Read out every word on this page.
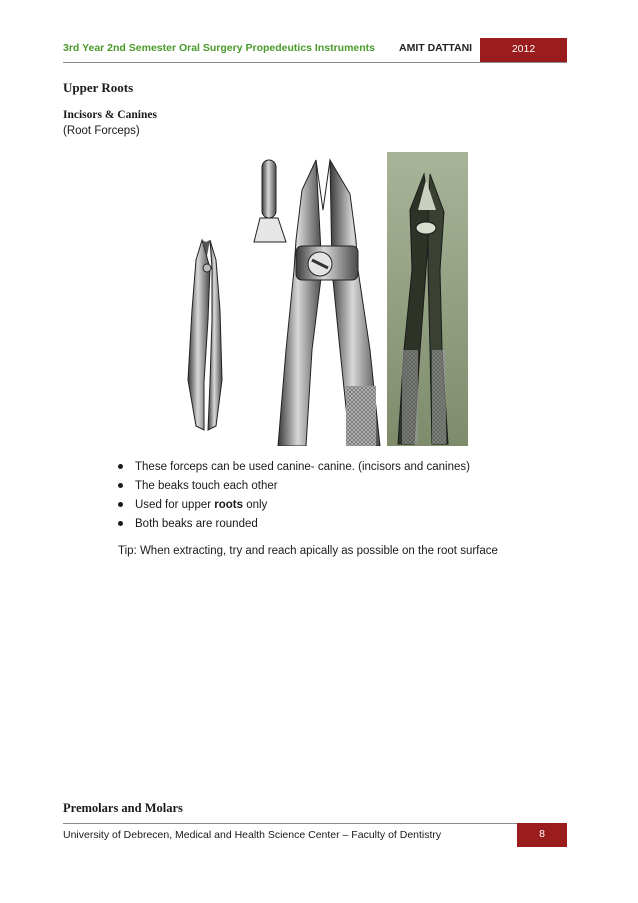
3rd Year 2nd Semester Oral Surgery Propedeutics Instruments AMIT DATTANI	2012
Upper Roots
Incisors & Canines
(Root Forceps)
These forceps can be used canine- canine. (incisors and canines)
The beaks touch each other
Used for upper roots only
Both beaks are rounded
Tip: When extracting, try and reach apically as possible on the root surface
Premolars and Molars
University of Debrecen, Medical and Health Science Center – Faculty of Dentistry	8
